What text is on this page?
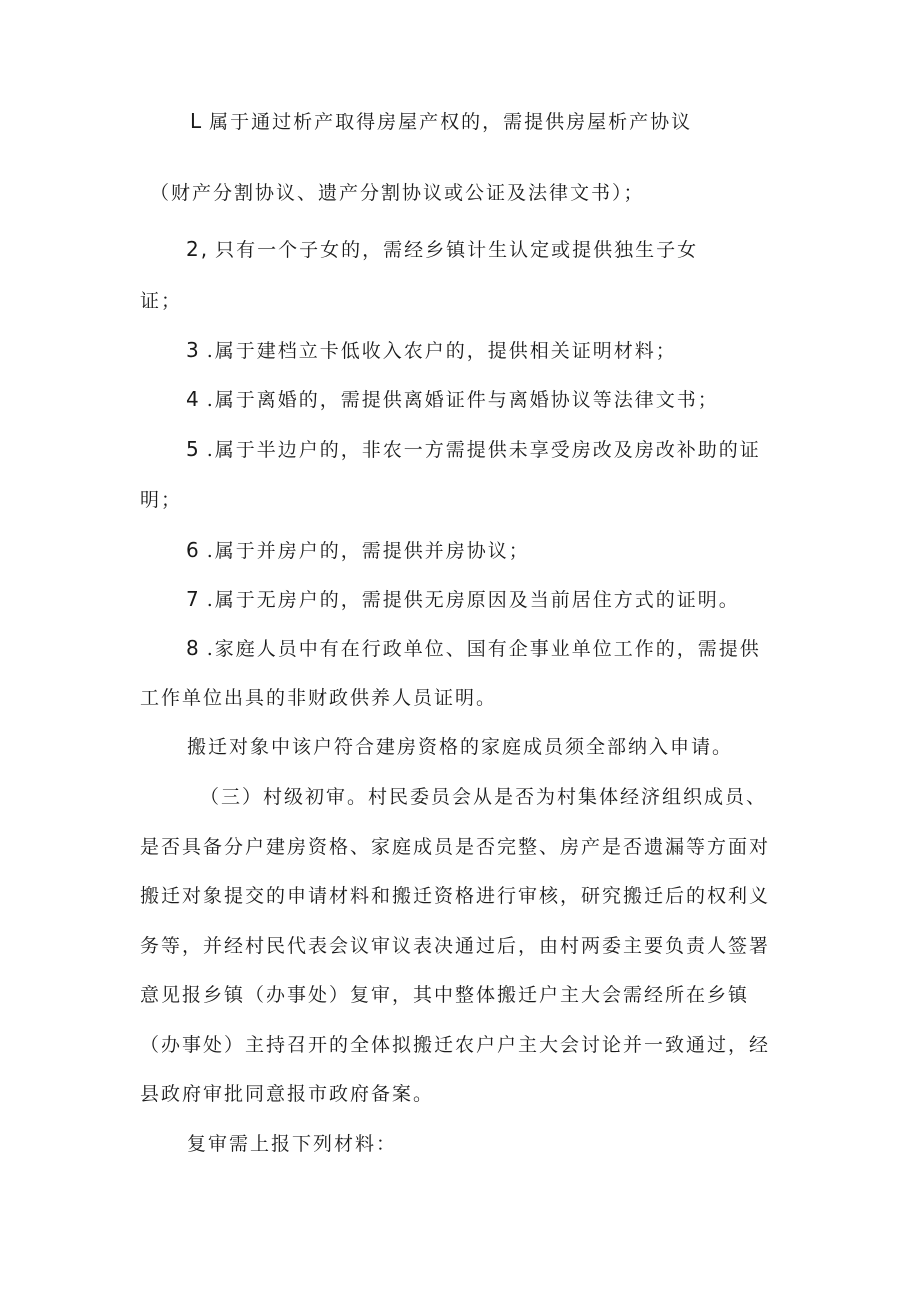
L 属于通过析产取得房屋产权的，需提供房屋析产协议
（财产分割协议、遗产分割协议或公证及法律文书）；
2, 只有一个子女的，需经乡镇计生认定或提供独生子女
证；
3 .属于建档立卡低收入农户的，提供相关证明材料；
4 .属于离婚的，需提供离婚证件与离婚协议等法律文书；
5 .属于半边户的，非农一方需提供未享受房改及房改补助的证
明；
6 .属于并房户的，需提供并房协议；
7 .属于无房户的，需提供无房原因及当前居住方式的证明。
8 .家庭人员中有在行政单位、国有企事业单位工作的，需提供
工作单位出具的非财政供养人员证明。
搬迁对象中该户符合建房资格的家庭成员须全部纳入申请。
（三）村级初审。村民委员会从是否为村集体经济组织成员、
是否具备分户建房资格、家庭成员是否完整、房产是否遗漏等方面对
搬迁对象提交的申请材料和搬迁资格进行审核，研究搬迁后的权利义
务等，并经村民代表会议审议表决通过后，由村两委主要负责人签署
意见报乡镇（办事处）复审，其中整体搬迁户主大会需经所在乡镇
（办事处）主持召开的全体拟搬迁农户户主大会讨论并一致通过，经
县政府审批同意报市政府备案。
复审需上报下列材料：
